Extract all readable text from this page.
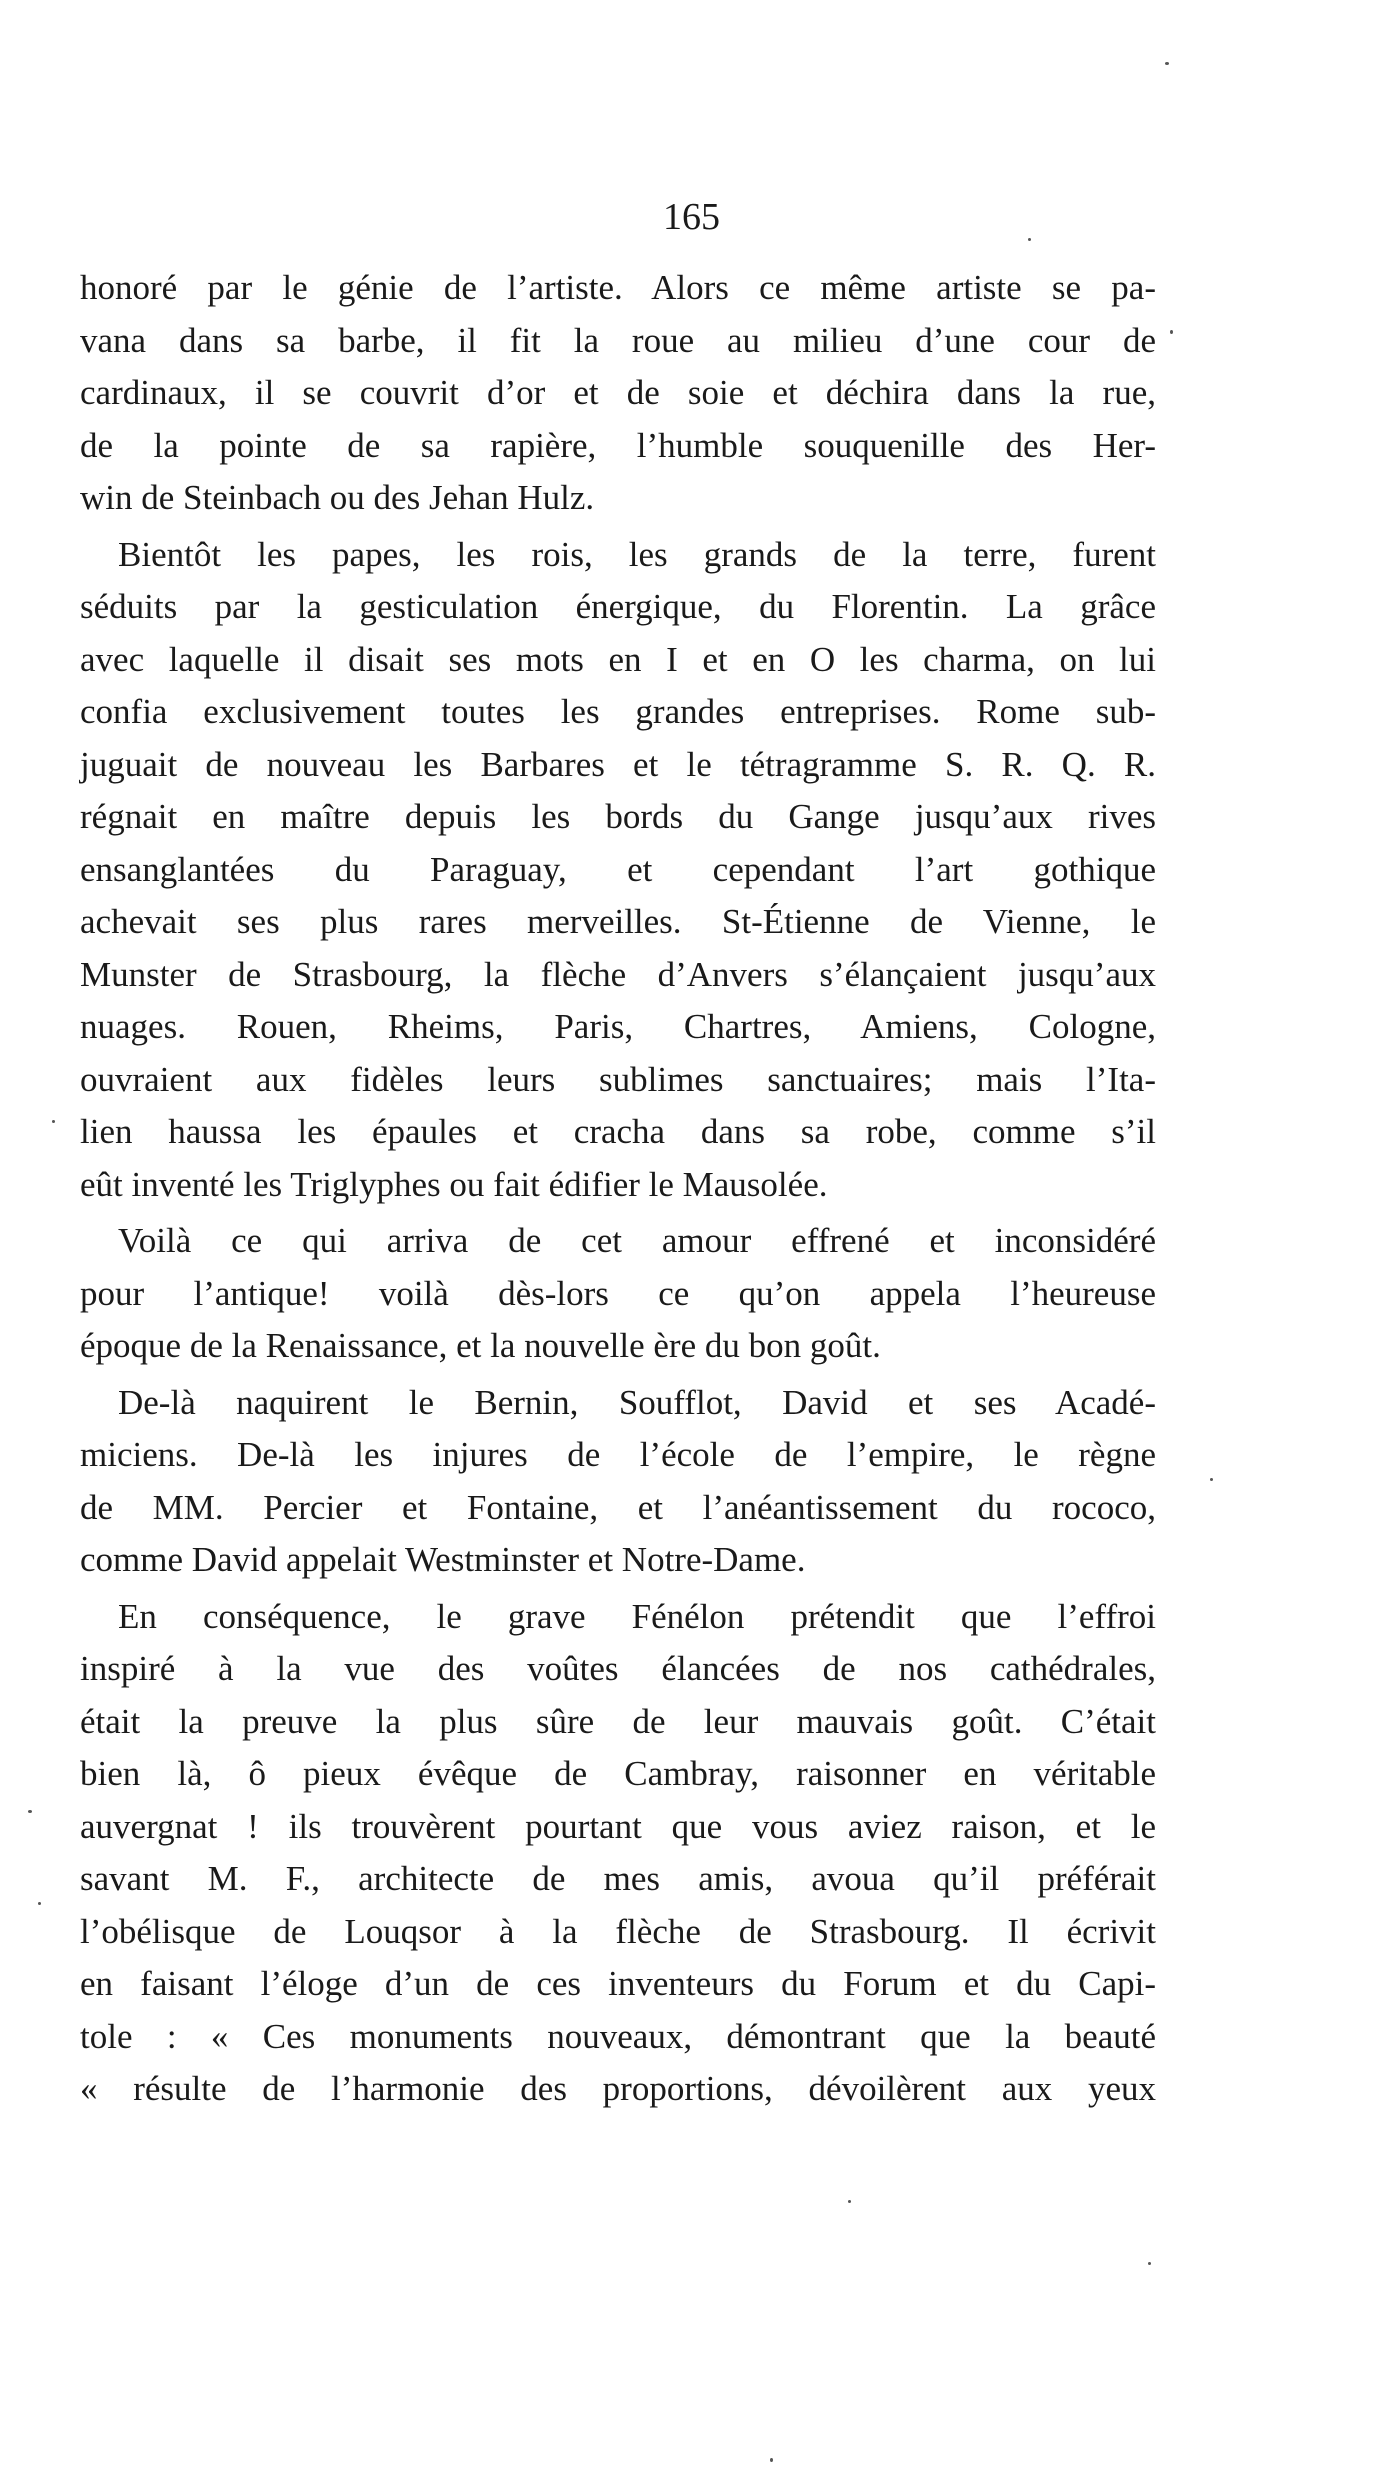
165
honoré par le génie de l’artiste. Alors ce même artiste se pa-
vana dans sa barbe, il fit la roue au milieu d’une cour de
cardinaux, il se couvrit d’or et de soie et déchira dans la rue,
de la pointe de sa rapière, l’humble souquenille des Her-
win de Steinbach ou des Jehan Hulz.
Bientôt les papes, les rois, les grands de la terre, furent
séduits par la gesticulation énergique, du Florentin. La grâce
avec laquelle il disait ses mots en I et en O les charma, on lui
confia exclusivement toutes les grandes entreprises. Rome sub-
juguait de nouveau les Barbares et le tétragramme S. R. Q. R.
régnait en maître depuis les bords du Gange jusqu’aux rives
ensanglantées du Paraguay, et cependant l’art gothique
achevait ses plus rares merveilles. St-Étienne de Vienne, le
Munster de Strasbourg, la flèche d’Anvers s’élançaient jusqu’aux
nuages. Rouen, Rheims, Paris, Chartres, Amiens, Cologne,
ouvraient aux fidèles leurs sublimes sanctuaires; mais l’Ita-
lien haussa les épaules et cracha dans sa robe, comme s’il
eût inventé les Triglyphes ou fait édifier le Mausolée.
Voilà ce qui arriva de cet amour effrené et inconsidéré
pour l’antique! voilà dès-lors ce qu’on appela l’heureuse
époque de la Renaissance, et la nouvelle ère du bon goût.
De-là naquirent le Bernin, Soufflot, David et ses Acadé-
miciens. De-là les injures de l’école de l’empire, le règne
de MM. Percier et Fontaine, et l’anéantissement du rococo,
comme David appelait Westminster et Notre-Dame.
En conséquence, le grave Fénélon prétendit que l’effroi
inspiré à la vue des voûtes élancées de nos cathédrales,
était la preuve la plus sûre de leur mauvais goût. C’était
bien là, ô pieux évêque de Cambray, raisonner en véritable
auvergnat ! ils trouvèrent pourtant que vous aviez raison, et le
savant M. F., architecte de mes amis, avoua qu’il préférait
l’obélisque de Louqsor à la flèche de Strasbourg. Il écrivit
en faisant l’éloge d’un de ces inventeurs du Forum et du Capi-
tole : « Ces monuments nouveaux, démontrant que la beauté
« résulte de l’harmonie des proportions, dévoilèrent aux yeux
